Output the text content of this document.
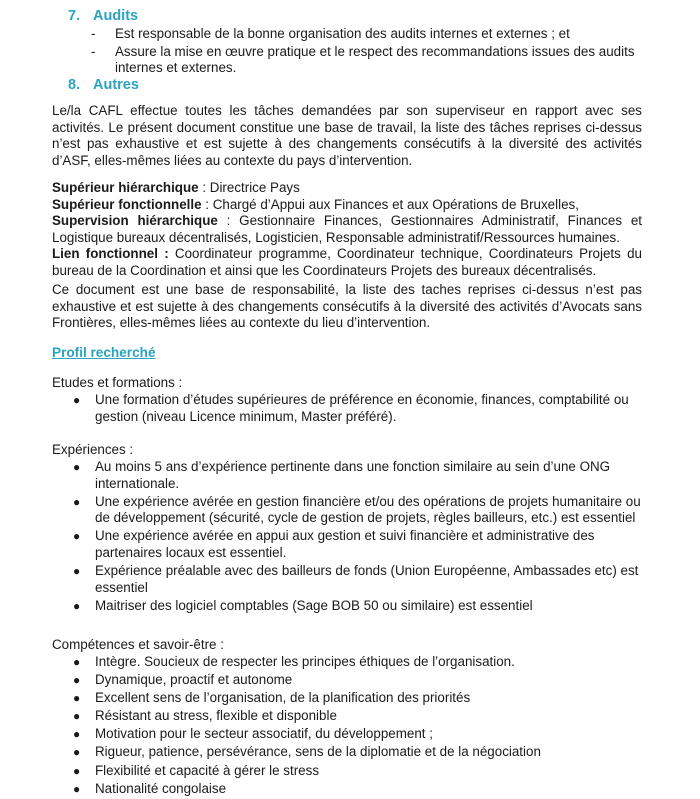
7. Audits
- Est responsable de la bonne organisation des audits internes et externes ; et
- Assure la mise en œuvre pratique et le respect des recommandations issues des audits internes et externes.
8. Autres

Le/la CAFL effectue toutes les tâches demandées par son superviseur en rapport avec ses activités. Le présent document constitue une base de travail, la liste des tâches reprises ci-dessus n’est pas exhaustive et est sujette à des changements consécutifs à la diversité des activités d’ASF, elles-mêmes liées au contexte du pays d’intervention.

Supérieur hiérarchique : Directrice Pays
Supérieur fonctionnelle : Chargé d’Appui aux Finances et aux Opérations de Bruxelles,
Supervision hiérarchique : Gestionnaire Finances, Gestionnaires Administratif, Finances et Logistique bureaux décentralisés, Logisticien, Responsable administratif/Ressources humaines.
Lien fonctionnel : Coordinateur programme, Coordinateur technique, Coordinateurs Projets du bureau de la Coordination et ainsi que les Coordinateurs Projets des bureaux décentralisés.

Ce document est une base de responsabilité, la liste des taches reprises ci-dessus n’est pas exhaustive et est sujette à des changements consécutifs à la diversité des activités d’Avocats sans Frontières, elles-mêmes liées au contexte du lieu d’intervention.

Profil recherché
Etudes et formations :
● Une formation d’études supérieures de préférence en économie, finances, comptabilité ou gestion (niveau Licence minimum, Master préféré).
Expériences :
● Au moins 5 ans d’expérience pertinente dans une fonction similaire au sein d’une ONG internationale.
● Une expérience avérée en gestion financière et/ou des opérations de projets humanitaire ou de développement (sécurité, cycle de gestion de projets, règles bailleurs, etc.) est essentiel
● Une expérience avérée en appui aux gestion et suivi financière et administrative des partenaires locaux est essentiel.
● Expérience préalable avec des bailleurs de fonds (Union Européenne, Ambassades etc) est essentiel
● Maitriser des logiciel comptables (Sage BOB 50 ou similaire) est essentiel
Compétences et savoir-être :
● Intègre. Soucieux de respecter les principes éthiques de l’organisation.
● Dynamique, proactif et autonome
● Excellent sens de l’organisation, de la planification des priorités
● Résistant au stress, flexible et disponible
● Motivation pour le secteur associatif, du développement ;
● Rigueur, patience, persévérance, sens de la diplomatie et de la négociation
● Flexibilité et capacité à gérer le stress
● Nationalité congolaise
